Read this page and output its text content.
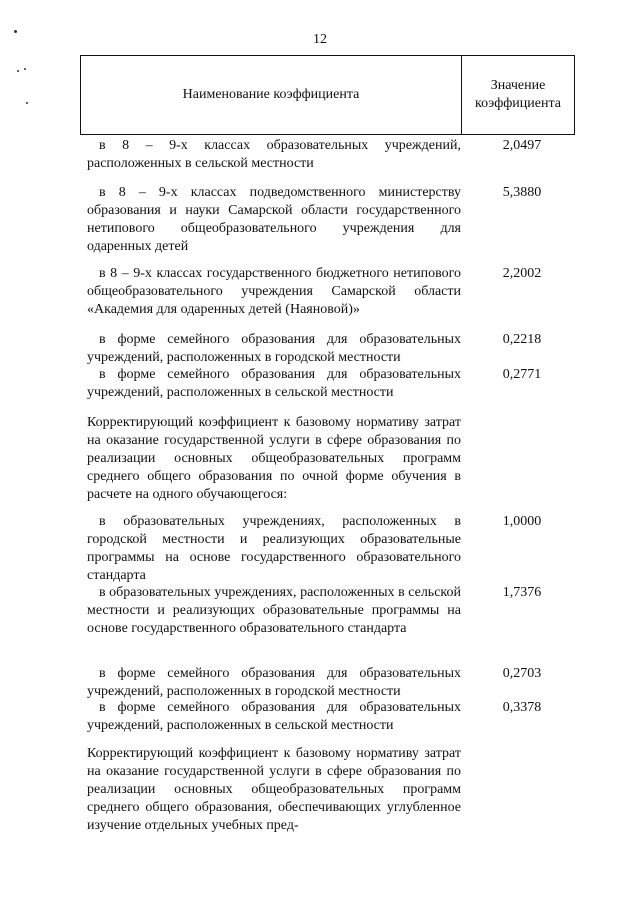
12
Наименование коэффициента
Значение
коэффициента
в 8 – 9-х классах образовательных учреждений, расположенных в сельской местности
2,0497
в 8 – 9-х классах подведомственного министерству образования и науки Самарской области государственного нетипового общеобразовательного учреждения для одаренных детей
5,3880
в 8 – 9-х классах государственного бюджетного нетипового общеобразовательного учреждения Самарской области «Академия для одаренных детей (Наяновой)»
2,2002
в форме семейного образования для образовательных учреждений, расположенных в городской местности
0,2218
в форме семейного образования для образовательных учреждений, расположенных в сельской местности
0,2771
Корректирующий коэффициент к базовому нормативу затрат на оказание государственной услуги в сфере образования по реализации основных общеобразовательных программ среднего общего образования по очной форме обучения в расчете на одного обучающегося:
в образовательных учреждениях, расположенных в городской местности и реализующих образовательные программы на основе государственного образовательного стандарта
1,0000
в образовательных учреждениях, расположенных в сельской местности и реализующих образовательные программы на основе государственного образовательного стандарта
1,7376
в форме семейного образования для образовательных учреждений, расположенных в городской местности
0,2703
в форме семейного образования для образовательных учреждений, расположенных в сельской местности
0,3378
Корректирующий коэффициент к базовому нормативу затрат на оказание государственной услуги в сфере образования по реализации основных общеобразовательных программ среднего общего образования, обеспечивающих углубленное изучение отдельных учебных пред-
